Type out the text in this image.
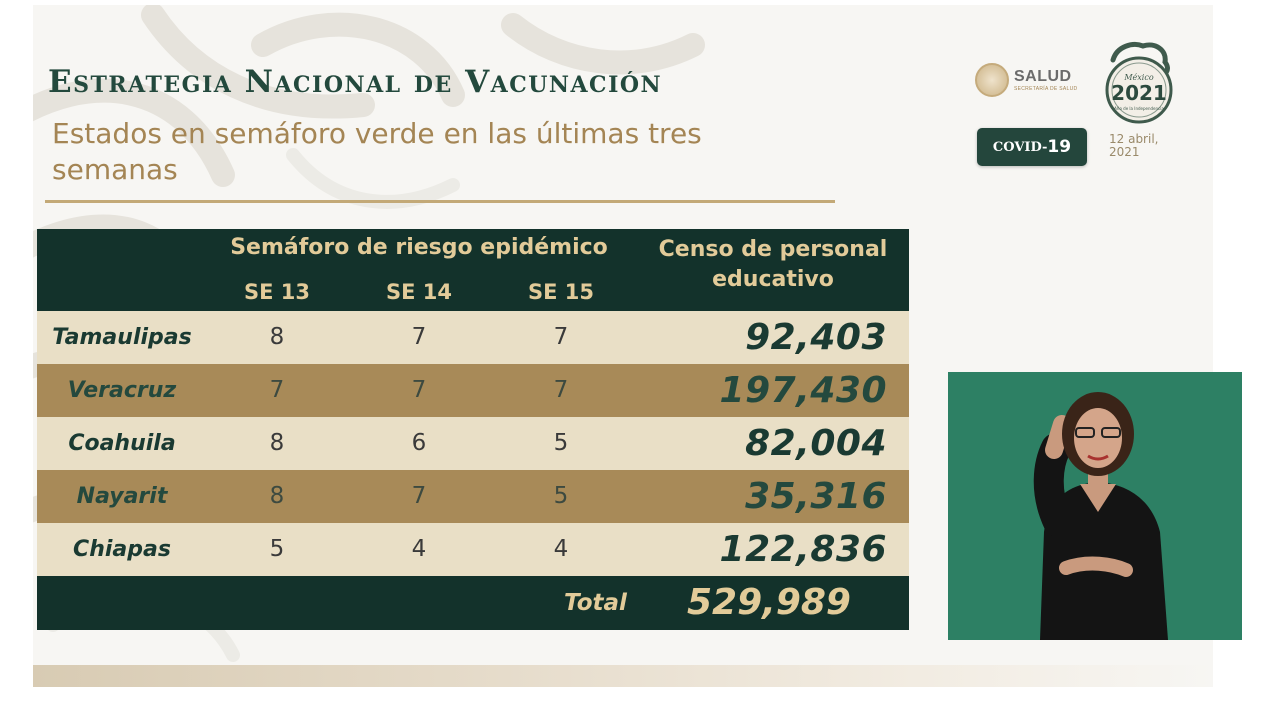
Estrategia Nacional de Vacunación
Estados en semáforo verde en las últimas tres semanas
SALUD
SECRETARÍA DE SALUD
México
2021
Año de la Independencia
COVID- 19	12 abril,
2021
Semáforo de riesgo epidémico
SE 13	SE 14	SE 15
Censo de personal
educativo
Tamaulipas	8	7	7	92,403
Veracruz	7	7	7	197,430
Coahuila	8	6	5	82,004
Nayarit	8	7	5	35,316
Chiapas	5	4	4	122,836
Total 529,989
